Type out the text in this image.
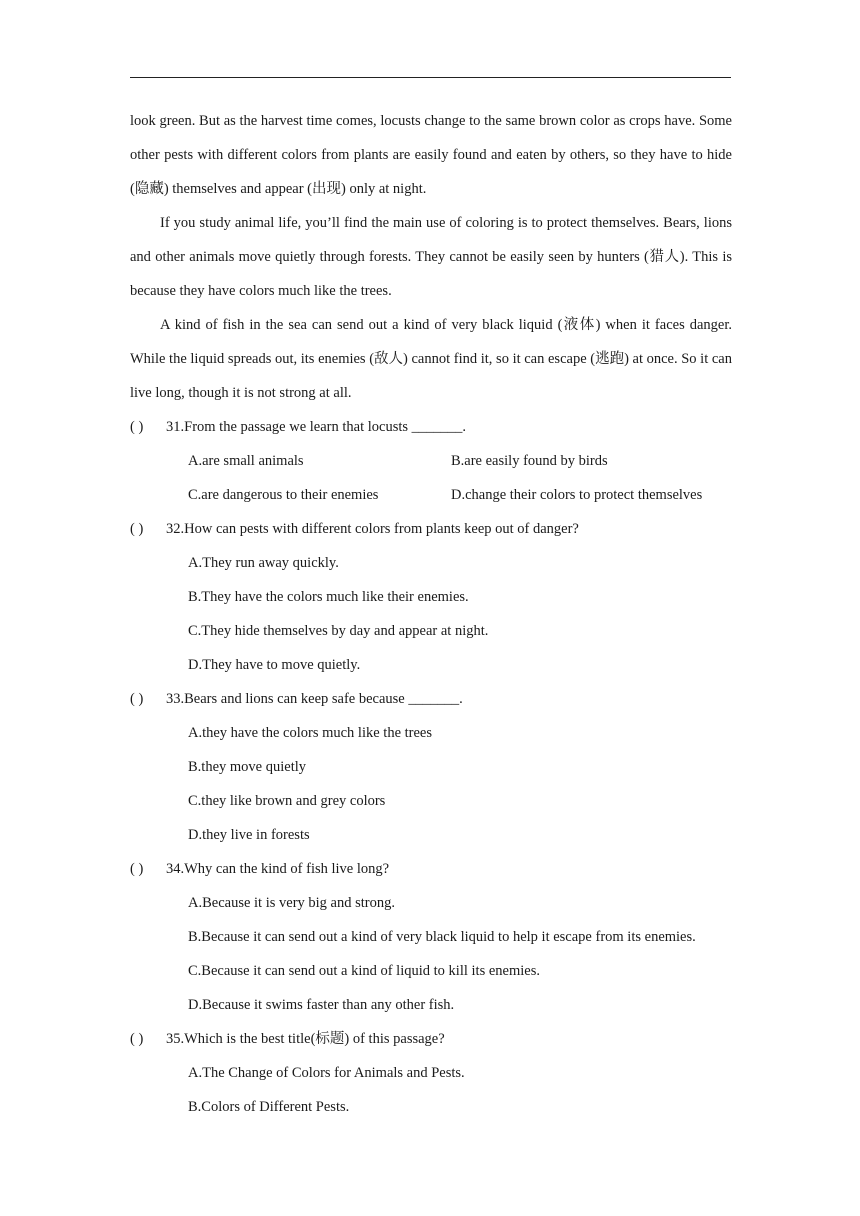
look green. But as the harvest time comes, locusts change to the same brown color as crops have. Some other pests with different colors from plants are easily found and eaten by others, so they have to hide (隐藏) themselves and appear (出现) only at night.

If you study animal life, you’ll find the main use of coloring is to protect themselves. Bears, lions and other animals move quietly through forests. They cannot be easily seen by hunters (猎人). This is because they have colors much like the trees.

A kind of fish in the sea can send out a kind of very black liquid (液体) when it faces danger. While the liquid spreads out, its enemies (敌人) cannot find it, so it can escape (逃跑) at once. So it can live long, though it is not strong at all.

( ) 31.From the passage we learn that locusts _______.
A.are small animals	B.are easily found by birds
C.are dangerous to their enemies	D.change their colors to protect themselves
( ) 32.How can pests with different colors from plants keep out of danger?
A.They run away quickly.
B.They have the colors much like their enemies.
C.They hide themselves by day and appear at night.
D.They have to move quietly.
( ) 33.Bears and lions can keep safe because _______.
A.they have the colors much like the trees
B.they move quietly
C.they like brown and grey colors
D.they live in forests
( ) 34.Why can the kind of fish live long?
A.Because it is very big and strong.
B.Because it can send out a kind of very black liquid to help it escape from its enemies.
C.Because it can send out a kind of liquid to kill its enemies.
D.Because it swims faster than any other fish.
( ) 35.Which is the best title(标题) of this passage?
A.The Change of Colors for Animals and Pests.
B.Colors of Different Pests.
